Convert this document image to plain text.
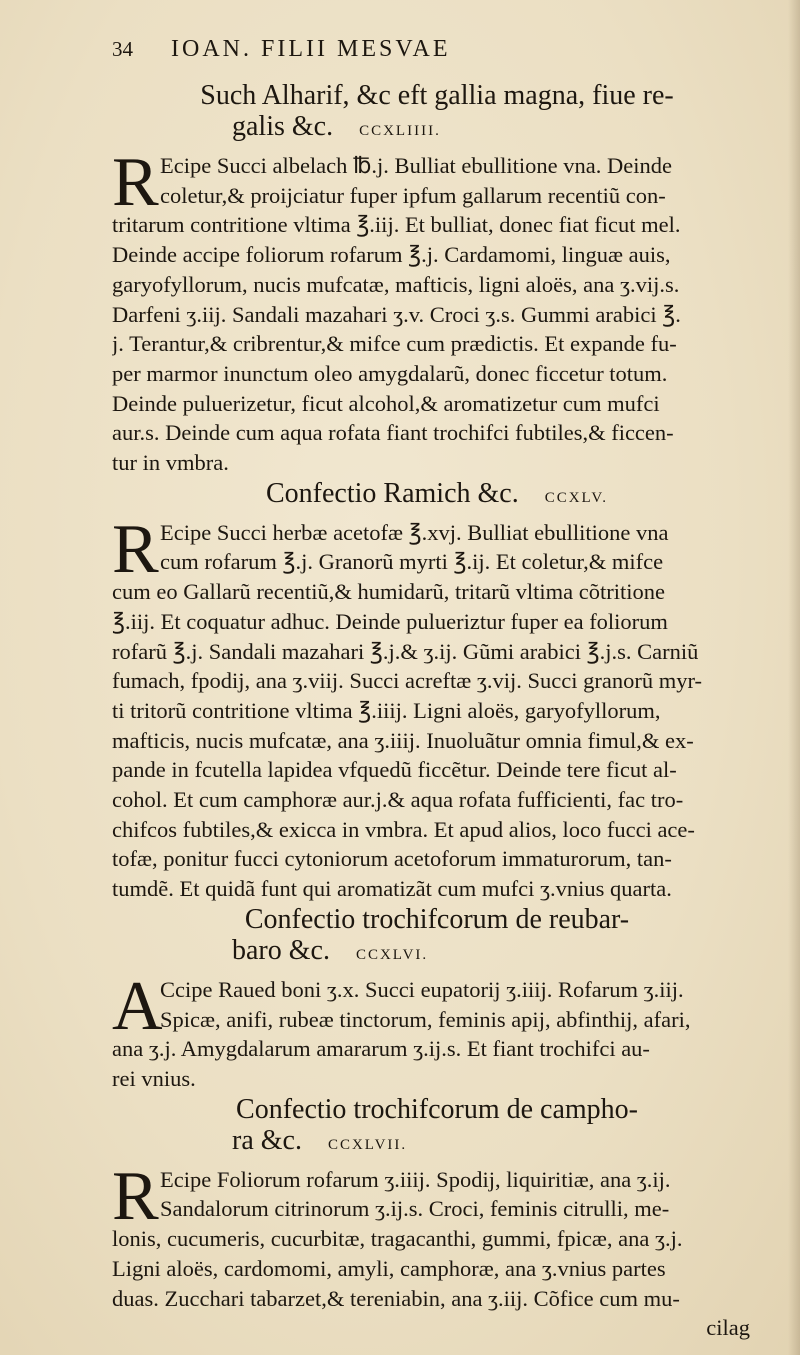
34 IOAN. FILII MESVAE
Such Alharif, &c eft gallia magna, fiue re-
galis &c. CCXLIIII.
R Ecipe Succi albelach ℔.j. Bulliat ebullitione vna. Deinde
coletur,& proijciatur fuper ipfum gallarum recentiũ con-
tritarum contritione vltima ℥.iij. Et bulliat, donec fiat ficut mel.
Deinde accipe foliorum rofarum ℥.j. Cardamomi, linguæ auis,
garyofyllorum, nucis mufcatæ, mafticis, ligni aloës, ana ʒ.vij.s.
Darfeni ʒ.iij. Sandali mazahari ʒ.v. Croci ʒ.s. Gummi arabici ℥.
j. Terantur,& cribrentur,& mifce cum prædictis. Et expande fu-
per marmor inunctum oleo amygdalarũ, donec ficcetur totum.
Deinde puluerizetur, ficut alcohol,& aromatizetur cum mufci
aur.s. Deinde cum aqua rofata fiant trochifci fubtiles,& ficcen-
tur in vmbra.
Confectio Ramich &c. CCXLV.
R Ecipe Succi herbæ acetofæ ℥.xvj. Bulliat ebullitione vna
cum rofarum ℥.j. Granorũ myrti ℥.ij. Et coletur,& mifce
cum eo Gallarũ recentiũ,& humidarũ, tritarũ vltima cõtritione
℥.iij. Et coquatur adhuc. Deinde pulueriztur fuper ea foliorum
rofarũ ℥.j. Sandali mazahari ℥.j.& ʒ.ij. Gũmi arabici ℥.j.s. Carniũ
fumach, fpodij, ana ʒ.viij. Succi acreftæ ʒ.vij. Succi granorũ myr-
ti tritorũ contritione vltima ℥.iiij. Ligni aloës, garyofyllorum,
mafticis, nucis mufcatæ, ana ʒ.iiij. Inuoluãtur omnia fimul,& ex-
pande in fcutella lapidea vfquedũ ficcẽtur. Deinde tere ficut al-
cohol. Et cum camphoræ aur.j.& aqua rofata fufficienti, fac tro-
chifcos fubtiles,& exicca in vmbra. Et apud alios, loco fucci ace-
tofæ, ponitur fucci cytoniorum acetoforum immaturorum, tan-
tumdẽ. Et quidã funt qui aromatizãt cum mufci ʒ.vnius quarta.
Confectio trochifcorum de reubar-
baro &c. CCXLVI.
A
Ccipe Raued boni ʒ.x. Succi eupatorij ʒ.iiij. Rofarum ʒ.iij.
Spicæ, anifi, rubeæ tinctorum, feminis apij, abfinthij, afari,
ana ʒ.j. Amygdalarum amararum ʒ.ij.s. Et fiant trochifci au-
rei vnius.
Confectio trochifcorum de campho-
ra &c. CCXLVII.
R Ecipe Foliorum rofarum ʒ.iiij. Spodij, liquiritiæ, ana ʒ.ij.
Sandalorum citrinorum ʒ.ij.s. Croci, feminis citrulli, me-
lonis, cucumeris, cucurbitæ, tragacanthi, gummi, fpicæ, ana ʒ.j.
Ligni aloës, cardomomi, amyli, camphoræ, ana ʒ.vnius partes
duas. Zucchari tabarzet,& tereniabin, ana ʒ.iij. Cõfice cum mu-
cilag
